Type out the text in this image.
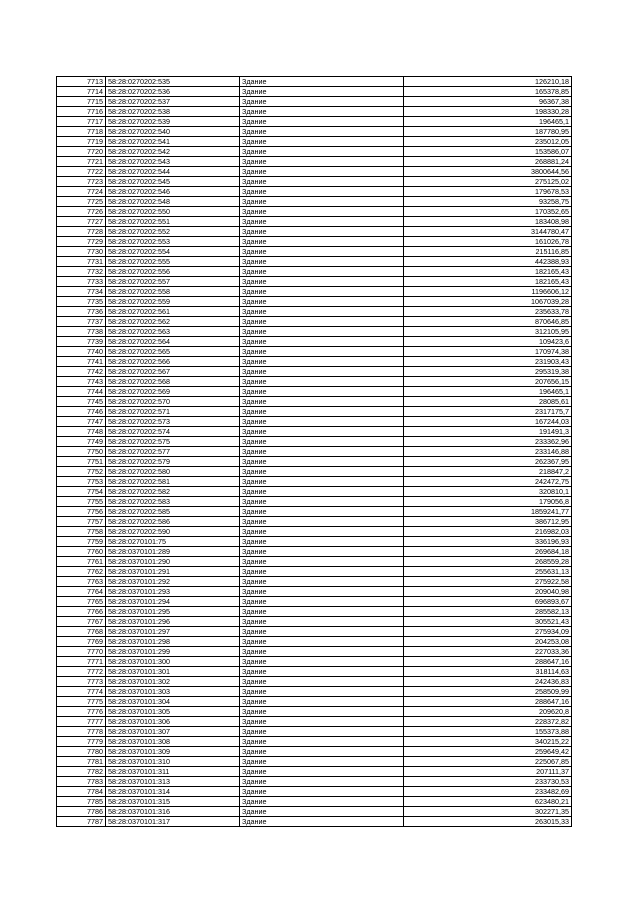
7713	58:28:0270202:535	Здание	126210,18
7714	58:28:0270202:536	Здание	165378,85
7715	58:28:0270202:537	Здание	96367,38
7716	58:28:0270202:538	Здание	198330,28
7717	58:28:0270202:539	Здание	196465,1
7718	58:28:0270202:540	Здание	187780,95
7719	58:28:0270202:541	Здание	235012,05
7720	58:28:0270202:542	Здание	153586,07
7721	58:28:0270202:543	Здание	268881,24
7722	58:28:0270202:544	Здание	3800644,56
7723	58:28:0270202:545	Здание	275125,02
7724	58:28:0270202:546	Здание	179678,53
7725	58:28:0270202:548	Здание	93258,75
7726	58:28:0270202:550	Здание	170352,65
7727	58:28:0270202:551	Здание	183408,98
7728	58:28:0270202:552	Здание	3144780,47
7729	58:28:0270202:553	Здание	161026,78
7730	58:28:0270202:554	Здание	215116,85
7731	58:28:0270202:555	Здание	442388,93
7732	58:28:0270202:556	Здание	182165,43
7733	58:28:0270202:557	Здание	182165,43
7734	58:28:0270202:558	Здание	1196606,12
7735	58:28:0270202:559	Здание	1067039,28
7736	58:28:0270202:561	Здание	235633,78
7737	58:28:0270202:562	Здание	870646,85
7738	58:28:0270202:563	Здание	312105,95
7739	58:28:0270202:564	Здание	109423,6
7740	58:28:0270202:565	Здание	170974,38
7741	58:28:0270202:566	Здание	231903,43
7742	58:28:0270202:567	Здание	295319,38
7743	58:28:0270202:568	Здание	207656,15
7744	58:28:0270202:569	Здание	196465,1
7745	58:28:0270202:570	Здание	28085,61
7746	58:28:0270202:571	Здание	2317175,7
7747	58:28:0270202:573	Здание	167244,03
7748	58:28:0270202:574	Здание	191491,3
7749	58:28:0270202:575	Здание	233362,96
7750	58:28:0270202:577	Здание	233146,88
7751	58:28:0270202:579	Здание	262367,95
7752	58:28:0270202:580	Здание	218847,2
7753	58:28:0270202:581	Здание	242472,75
7754	58:28:0270202:582	Здание	320810,1
7755	58:28:0270202:583	Здание	179056,8
7756	58:28:0270202:585	Здание	1859241,77
7757	58:28:0270202:586	Здание	386712,95
7758	58:28:0270202:590	Здание	216982,03
7759	58:28:0270101:75	Здание	336196,93
7760	58:28:0370101:289	Здание	269684,18
7761	58:28:0370101:290	Здание	268559,28
7762	58:28:0370101:291	Здание	255631,13
7763	58:28:0370101:292	Здание	275922,58
7764	58:28:0370101:293	Здание	209040,98
7765	58:28:0370101:294	Здание	696893,67
7766	58:28:0370101:295	Здание	285582,13
7767	58:28:0370101:296	Здание	305521,43
7768	58:28:0370101:297	Здание	275934,09
7769	58:28:0370101:298	Здание	204253,08
7770	58:28:0370101:299	Здание	227033,36
7771	58:28:0370101:300	Здание	288647,16
7772	58:28:0370101:301	Здание	318114,63
7773	58:28:0370101:302	Здание	242436,83
7774	58:28:0370101:303	Здание	258509,99
7775	58:28:0370101:304	Здание	288647,16
7776	58:28:0370101:305	Здание	209620,8
7777	58:28:0370101:306	Здание	228372,82
7778	58:28:0370101:307	Здание	155373,88
7779	58:28:0370101:308	Здание	340215,22
7780	58:28:0370101:309	Здание	259649,42
7781	58:28:0370101:310	Здание	225067,85
7782	58:28:0370101:311	Здание	207111,37
7783	58:28:0370101:313	Здание	233730,53
7784	58:28:0370101:314	Здание	233482,69
7785	58:28:0370101:315	Здание	623480,21
7786	58:28:0370101:316	Здание	302271,35
7787	58:28:0370101:317	Здание	263015,33
